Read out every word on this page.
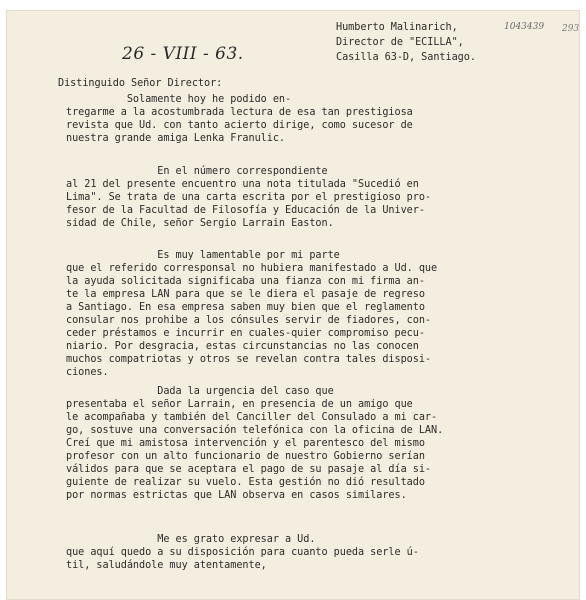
1043439 293
26 - VIII - 63.
Humberto Malinarich,
Director de "ECILLA",
Casilla 63-D, Santiago.
Distinguido Señor Director:
Solamente hoy he podido en-
tregarme a la acostumbrada lectura de esa tan prestigiosa
revista que Ud. con tanto acierto dirige, como sucesor de
nuestra grande amiga Lenka Franulic.
En el número correspondiente
al 21 del presente encuentro una nota titulada "Sucedió en
Lima". Se trata de una carta escrita por el prestigioso pro-
fesor de la Facultad de Filosofía y Educación de la Univer-
sidad de Chile, señor Sergio Larrain Easton.
Es muy lamentable por mi parte
que el referido corresponsal no hubiera manifestado a Ud. que
la ayuda solicitada significaba una fianza con mi firma an-
te la empresa LAN para que se le diera el pasaje de regreso
a Santiago. En esa empresa saben muy bien que el reglamento
consular nos prohibe a los cónsules servir de fiadores, con-
ceder préstamos e incurrir en cuales-quier compromiso pecu-
niario. Por desgracia, estas circunstancias no las conocen
muchos compatriotas y otros se revelan contra tales disposi-
ciones.
Dada la urgencia del caso que
presentaba el señor Larrain, en presencia de un amigo que
le acompañaba y también del Canciller del Consulado a mi car-
go, sostuve una conversación telefónica con la oficina de LAN.
Creí que mi amistosa intervención y el parentesco del mismo
profesor con un alto funcionario de nuestro Gobierno serían
válidos para que se aceptara el pago de su pasaje al día si-
guiente de realizar su vuelo. Esta gestión no dió resultado
por normas estrictas que LAN observa en casos similares.
Me es grato expresar a Ud.
que aquí quedo a su disposición para cuanto pueda serle ú-
til, saludándole muy atentamente,
